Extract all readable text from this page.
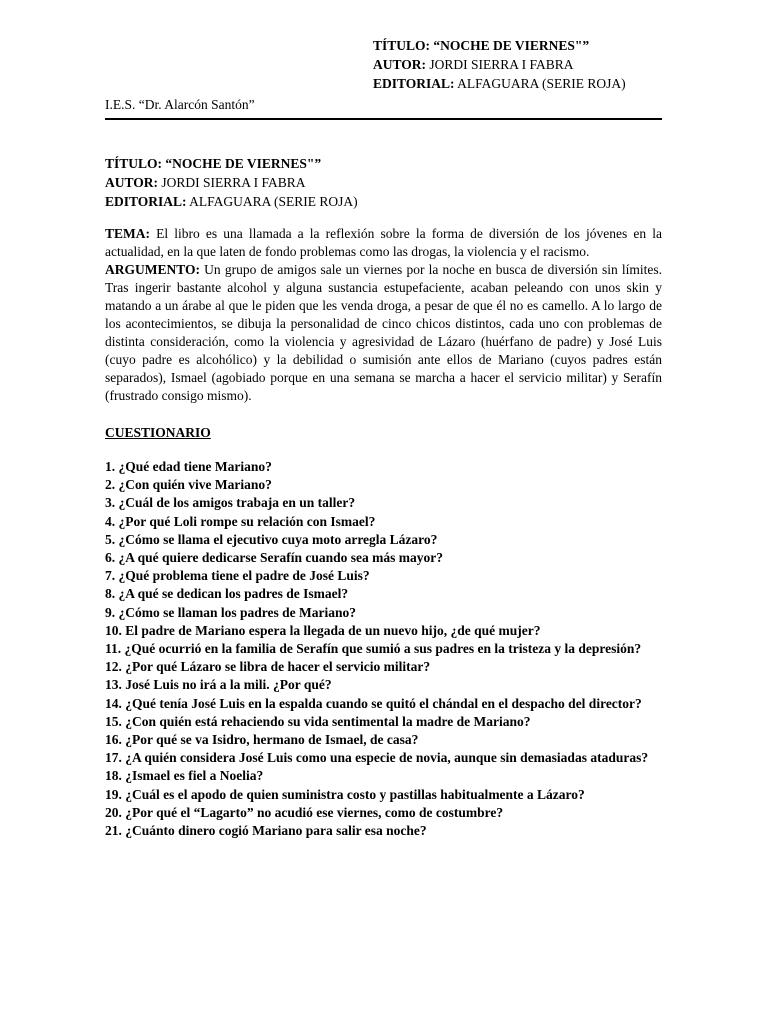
TÍTULO: “NOCHE DE VIERNES"”
AUTOR: JORDI SIERRA I FABRA
EDITORIAL: ALFAGUARA (SERIE ROJA)
I.E.S. “Dr. Alarcón Santón”
TÍTULO: “NOCHE DE VIERNES"”
AUTOR: JORDI SIERRA I FABRA
EDITORIAL: ALFAGUARA (SERIE ROJA)

TEMA: El libro es una llamada a la reflexión sobre la forma de diversión de los jóvenes en la actualidad, en la que laten de fondo problemas como las drogas, la violencia y el racismo.

ARGUMENTO: Un grupo de amigos sale un viernes por la noche en busca de diversión sin límites. Tras ingerir bastante alcohol y alguna sustancia estupefaciente, acaban peleando con unos skin y matando a un árabe al que le piden que les venda droga, a pesar de que él no es camello. A lo largo de los acontecimientos, se dibuja la personalidad de cinco chicos distintos, cada uno con problemas de distinta consideración, como la violencia y agresividad de Lázaro (huérfano de padre) y José Luis (cuyo padre es alcohólico) y la debilidad o sumisión ante ellos de Mariano (cuyos padres están separados), Ismael (agobiado porque en una semana se marcha a hacer el servicio militar) y Serafín (frustrado consigo mismo).

CUESTIONARIO

1. ¿Qué edad tiene Mariano?

2. ¿Con quién vive Mariano?

3. ¿Cuál de los amigos trabaja en un taller?

4. ¿Por qué Loli rompe su relación con Ismael?

5. ¿Cómo se llama el ejecutivo cuya moto arregla Lázaro?

6. ¿A qué quiere dedicarse Serafín cuando sea más mayor?

7. ¿Qué problema tiene el padre de José Luis?

8. ¿A qué se dedican los padres de Ismael?

9. ¿Cómo se llaman los padres de Mariano?

10. El padre de Mariano espera la llegada de un nuevo hijo, ¿de qué mujer?

11. ¿Qué ocurrió en la familia de Serafín que sumió a sus padres en la tristeza y la depresión?

12. ¿Por qué Lázaro se libra de hacer el servicio militar?

13. José Luis no irá a la mili. ¿Por qué?

14. ¿Qué tenía José Luis en la espalda cuando se quitó el chándal en el despacho del director?

15. ¿Con quién está rehaciendo su vida sentimental la madre de Mariano?

16. ¿Por qué se va Isidro, hermano de Ismael, de casa?

17. ¿A quién considera José Luis como una especie de novia, aunque sin demasiadas ataduras?

18. ¿Ismael es fiel a Noelia?

19. ¿Cuál es el apodo de quien suministra costo y pastillas habitualmente a Lázaro?

20. ¿Por qué el “Lagarto” no acudió ese viernes, como de costumbre?

21. ¿Cuánto dinero cogió Mariano para salir esa noche?
